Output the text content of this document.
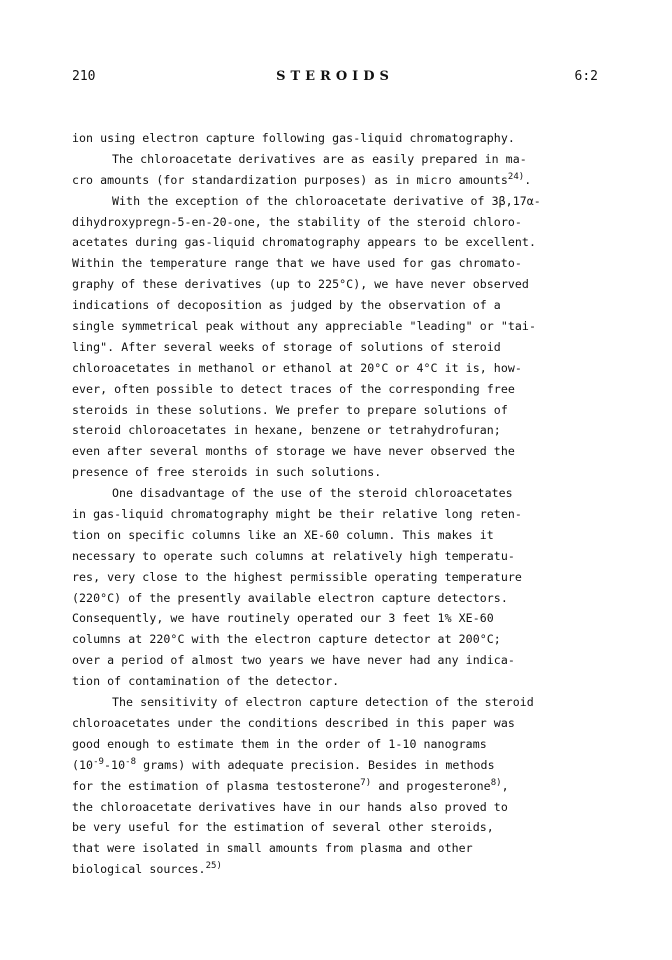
210	STEROIDS	6:2
ion using electron capture following gas-liquid chromatography.
The chloroacetate derivatives are as easily prepared in ma-
cro amounts (for standardization purposes) as in micro amounts$^{24)}$.
With the exception of the chloroacetate derivative of 3β,17α-
dihydroxypregn-5-en-20-one, the stability of the steroid chloro-
acetates during gas-liquid chromatography appears to be excellent.
Within the temperature range that we have used for gas chromato-
graphy of these derivatives (up to 225°C), we have never observed
indications of decoposition as judged by the observation of a
single symmetrical peak without any appreciable "leading" or "tai-
ling". After several weeks of storage of solutions of steroid
chloroacetates in methanol or ethanol at 20°C or 4°C it is, how-
ever, often possible to detect traces of the corresponding free
steroids in these solutions. We prefer to prepare solutions of
steroid chloroacetates in hexane, benzene or tetrahydrofuran;
even after several months of storage we have never observed the
presence of free steroids in such solutions.
One disadvantage of the use of the steroid chloroacetates
in gas-liquid chromatography might be their relative long reten-
tion on specific columns like an XE-60 column. This makes it
necessary to operate such columns at relatively high temperatu-
res, very close to the highest permissible operating temperature
(220°C) of the presently available electron capture detectors.
Consequently, we have routinely operated our 3 feet 1% XE-60
columns at 220°C with the electron capture detector at 200°C;
over a period of almost two years we have never had any indica-
tion of contamination of the detector.
The sensitivity of electron capture detection of the steroid
chloroacetates under the conditions described in this paper was
good enough to estimate them in the order of 1-10 nanograms
($10^{-9}-10^{-8}$ grams) with adequate precision. Besides in methods
for the estimation of plasma testosterone$^{7)}$ and progesterone$^{8)}$,
the chloroacetate derivatives have in our hands also proved to
be very useful for the estimation of several other steroids,
that were isolated in small amounts from plasma and other
biological sources.$^{25)}$
